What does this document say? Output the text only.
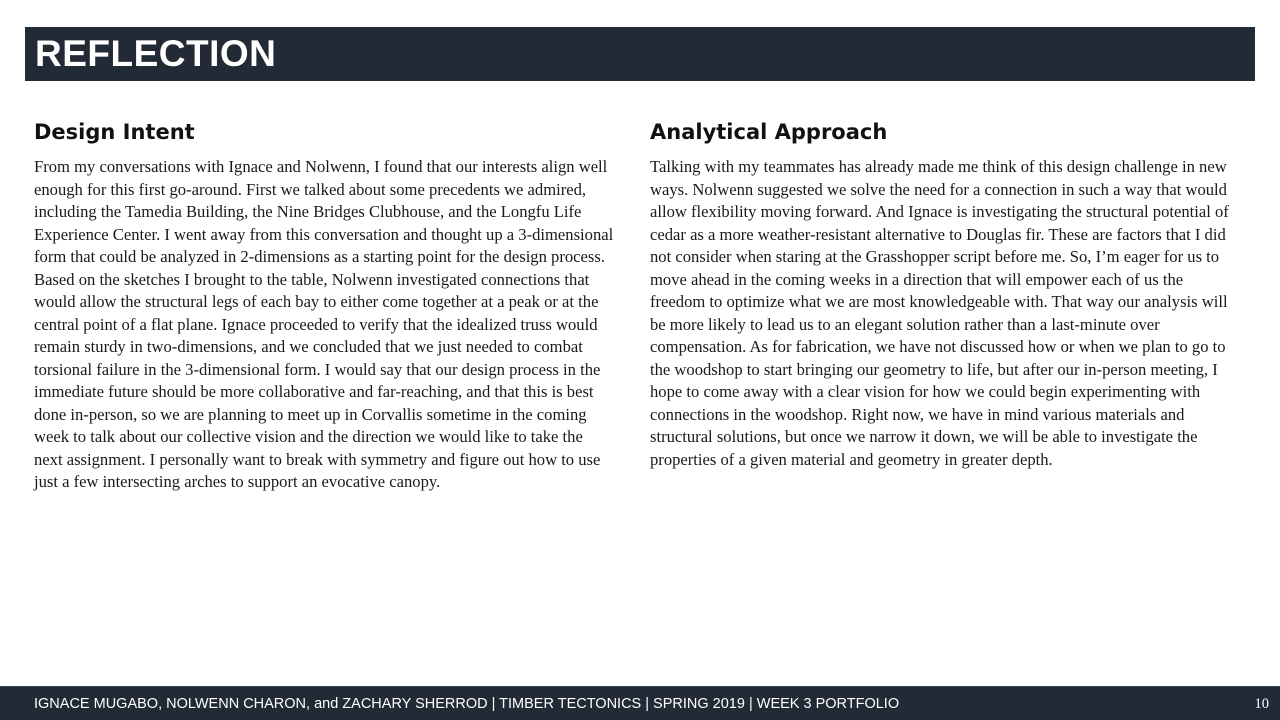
REFLECTION
Design Intent

From my conversations with Ignace and Nolwenn, I found that our interests align well enough for this first go-around. First we talked about some precedents we admired, including the Tamedia Building, the Nine Bridges Clubhouse, and the Longfu Life Experience Center. I went away from this conversation and thought up a 3-dimensional form that could be analyzed in 2-dimensions as a starting point for the design process. Based on the sketches I brought to the table, Nolwenn investigated connections that would allow the structural legs of each bay to either come together at a peak or at the central point of a flat plane. Ignace proceeded to verify that the idealized truss would remain sturdy in two-dimensions, and we concluded that we just needed to combat torsional failure in the 3-dimensional form. I would say that our design process in the immediate future should be more collaborative and far-reaching, and that this is best done in-person, so we are planning to meet up in Corvallis sometime in the coming week to talk about our collective vision and the direction we would like to take the next assignment. I personally want to break with symmetry and figure out how to use just a few intersecting arches to support an evocative canopy.

Analytical Approach

Talking with my teammates has already made me think of this design challenge in new ways. Nolwenn suggested we solve the need for a connection in such a way that would allow flexibility moving forward. And Ignace is investigating the structural potential of cedar as a more weather-resistant alternative to Douglas fir. These are factors that I did not consider when staring at the Grasshopper script before me. So, I’m eager for us to move ahead in the coming weeks in a direction that will empower each of us the freedom to optimize what we are most knowledgeable with. That way our analysis will be more likely to lead us to an elegant solution rather than a last-minute over compensation. As for fabrication, we have not discussed how or when we plan to go to the woodshop to start bringing our geometry to life, but after our in-person meeting, I hope to come away with a clear vision for how we could begin experimenting with connections in the woodshop. Right now, we have in mind various materials and structural solutions, but once we narrow it down, we will be able to investigate the properties of a given material and geometry in greater depth.

IGNACE MUGABO, NOLWENN CHARON, and ZACHARY SHERROD | TIMBER TECTONICS | SPRING 2019 | WEEK 3 PORTFOLIO	10
